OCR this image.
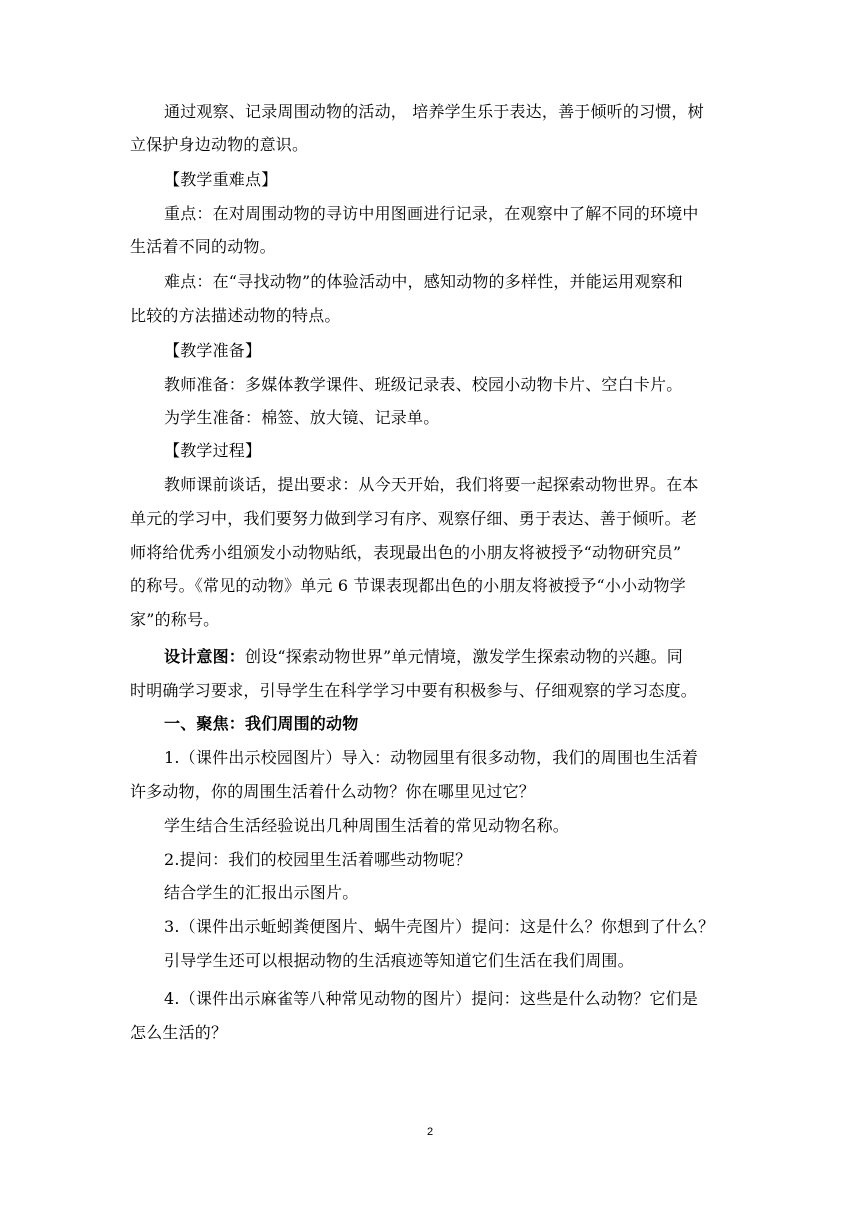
通过观察、记录周围动物的活动， 培养学生乐于表达，善于倾听的习惯，树
立保护身边动物的意识。
【教学重难点】
重点：在对周围动物的寻访中用图画进行记录，在观察中了解不同的环境中
生活着不同的动物。
难点：在“寻找动物”的体验活动中，感知动物的多样性，并能运用观察和
比较的方法描述动物的特点。
【教学准备】
教师准备：多媒体教学课件、班级记录表、校园小动物卡片、空白卡片。
为学生准备：棉签、放大镜、记录单。
【教学过程】
教师课前谈话，提出要求：从今天开始，我们将要一起探索动物世界。在本
单元的学习中，我们要努力做到学习有序、观察仔细、勇于表达、善于倾听。老
师将给优秀小组颁发小动物贴纸，表现最出色的小朋友将被授予“动物研究员”
的称号。《常见的动物》单元 6 节课表现都出色的小朋友将被授予“小小动物学
家”的称号。
设计意图：创设“探索动物世界”单元情境，激发学生探索动物的兴趣。同
时明确学习要求，引导学生在科学学习中要有积极参与、仔细观察的学习态度。
一、聚焦：我们周围的动物
1.（课件出示校园图片）导入：动物园里有很多动物，我们的周围也生活着
许多动物，你的周围生活着什么动物？你在哪里见过它？
学生结合生活经验说出几种周围生活着的常见动物名称。
2.提问：我们的校园里生活着哪些动物呢？
结合学生的汇报出示图片。
3.（课件出示蚯蚓粪便图片、蜗牛壳图片）提问：这是什么？你想到了什么？
引导学生还可以根据动物的生活痕迹等知道它们生活在我们周围。
4.（课件出示麻雀等八种常见动物的图片）提问：这些是什么动物？它们是
怎么生活的？
2
